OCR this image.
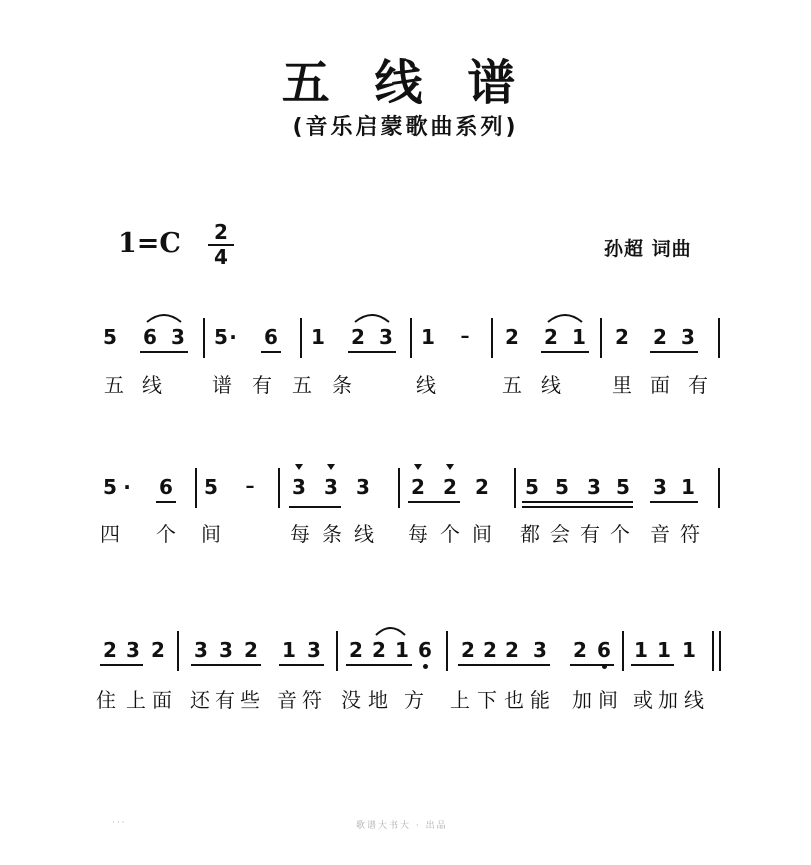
五 线 谱
(音乐启蒙歌曲系列)
1=C	2
4	孙超 词曲
5 6 3 5 · 6 1 2 3 1 – 2 2 1 2 2 3
五 线	谱 有 五 条	线	五 线	里 面 有
5 · 6 5 – 3 3 3 2 2 2 5 5 3 5 3 1
四 个 间	每 条 线 每 个 间 都 会 有 个 音 符
2 3 2 3 3 2 1 3 2 2 1 6 2 2 2 3 2 6 1 1 1
住 上 面 还 有 些 音 符 没 地 方 上 下 也 能 加 间 或 加 线
···	歌谱大书大 · 出品
